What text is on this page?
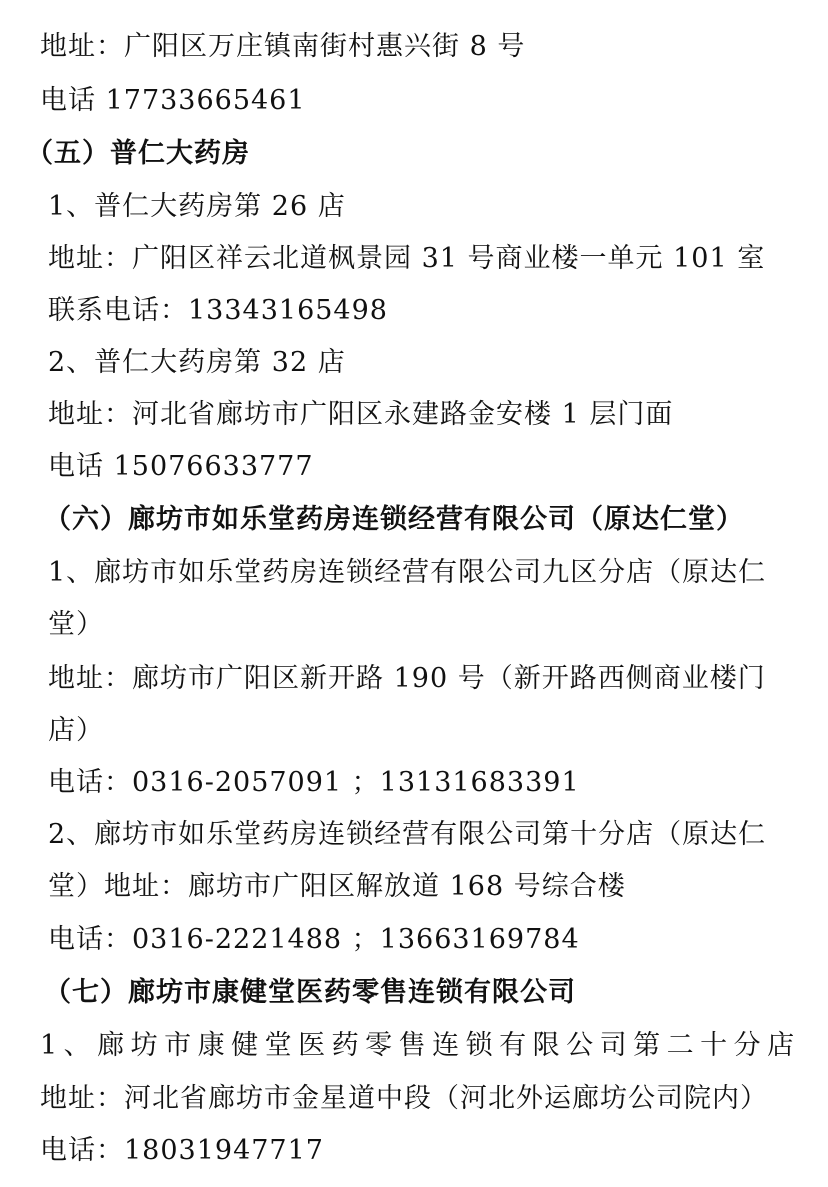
地址：广阳区万庄镇南街村惠兴街 8 号
电话 17733665461
（五）普仁大药房
1、普仁大药房第 26 店
地址：广阳区祥云北道枫景园 31 号商业楼一单元 101 室
联系电话：13343165498
2、普仁大药房第 32 店
地址：河北省廊坊市广阳区永建路金安楼 1 层门面
电话 15076633777
（六）廊坊市如乐堂药房连锁经营有限公司（原达仁堂）
1、廊坊市如乐堂药房连锁经营有限公司九区分店（原达仁
堂）
地址：廊坊市广阳区新开路 190 号（新开路西侧商业楼门
店）
电话：0316-2057091 ；13131683391
2、廊坊市如乐堂药房连锁经营有限公司第十分店（原达仁
堂）地址：廊坊市广阳区解放道 168 号综合楼
电话：0316-2221488 ；13663169784
（七）廊坊市康健堂医药零售连锁有限公司
1、廊坊市康健堂医药零售连锁有限公司第二十分店
地址：河北省廊坊市金星道中段（河北外运廊坊公司院内）
电话：18031947717
